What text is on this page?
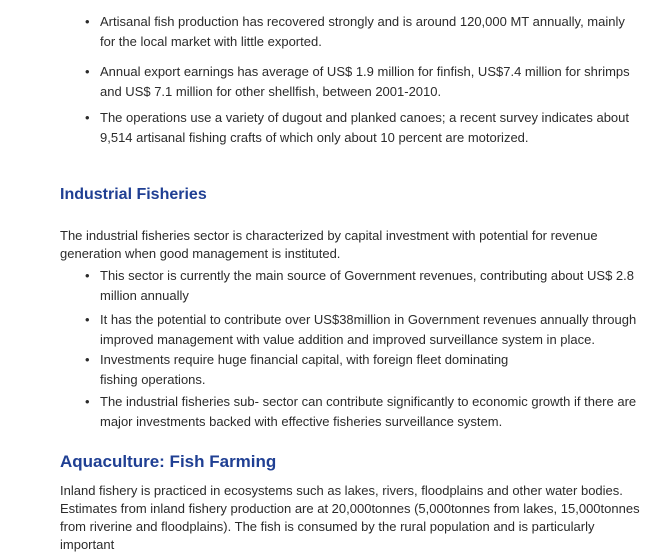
• Artisanal fish production has recovered strongly and is around 120,000 MT annually, mainly for the local market with little exported.
• Annual export earnings has average of US$ 1.9 million for finfish, US$7.4 million for shrimps and US$ 7.1 million for other shellfish, between 2001-2010.
• The operations use a variety of dugout and planked canoes; a recent survey indicates about 9,514 artisanal fishing crafts of which only about 10 percent are motorized.
Industrial Fisheries

The industrial fisheries sector is characterized by capital investment with potential for revenue generation when good management is instituted.

• This sector is currently the main source of Government revenues, contributing about US$ 2.8 million annually
• It has the potential to contribute over US$38million in Government revenues annually through improved management with value addition and improved surveillance system in place.
• Investments require huge financial capital, with foreign fleet dominating fishing operations.
• The industrial fisheries sub- sector can contribute significantly to economic growth if there are major investments backed with effective fisheries surveillance system.
Aquaculture: Fish Farming

Inland fishery is practiced in ecosystems such as lakes, rivers, floodplains and other water bodies. Estimates from inland fishery production are at 20,000tonnes (5,000tonnes from lakes, 15,000tonnes from riverine and floodplains). The fish is consumed by the rural population and is particularly important
